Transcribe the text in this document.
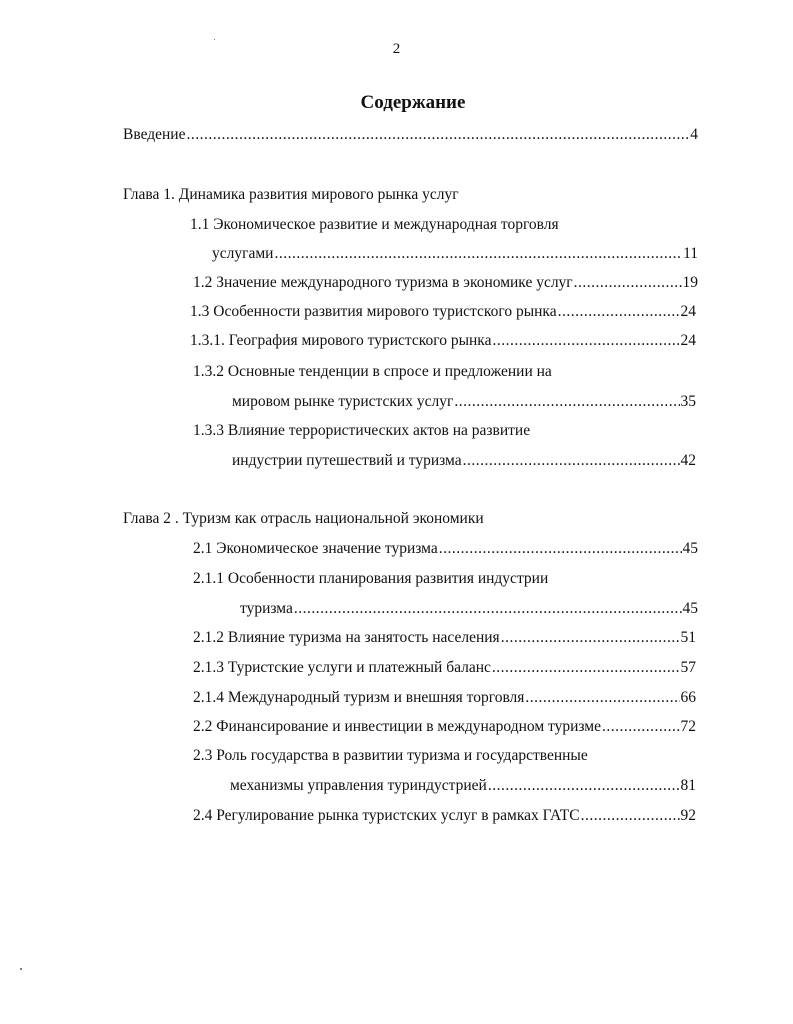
2
Содержание
Введение .....	4
Глава 1. Динамика развития мирового рынка услуг
1.1 Экономическое развитие и международная торговля
услугами .....	11
1.2 Значение международного туризма в экономике услуг .....	19
1.3 Особенности развития мирового туристского рынка .....	24
1.3.1. География мирового туристского рынка .....	24
1.3.2 Основные тенденции в спросе и предложении на
мировом рынке туристских услуг .....	35
1.3.3 Влияние террористических актов на развитие
индустрии путешествий и туризма .....	42
Глава 2 . Туризм как отрасль национальной экономики
2.1 Экономическое значение туризма .....	45
2.1.1 Особенности планирования развития индустрии
туризма .....	45
2.1.2 Влияние туризма на занятость населения .....	51
2.1.3 Туристские услуги и платежный баланс .....	57
2.1.4 Международный туризм и внешняя торговля .....	66
2.2 Финансирование и инвестиции в международном туризме .....	72
2.3 Роль государства в развитии туризма и государственные
механизмы управления туриндустрией .....	81
2.4 Регулирование рынка туристских услуг в рамках ГАТС .....	92
